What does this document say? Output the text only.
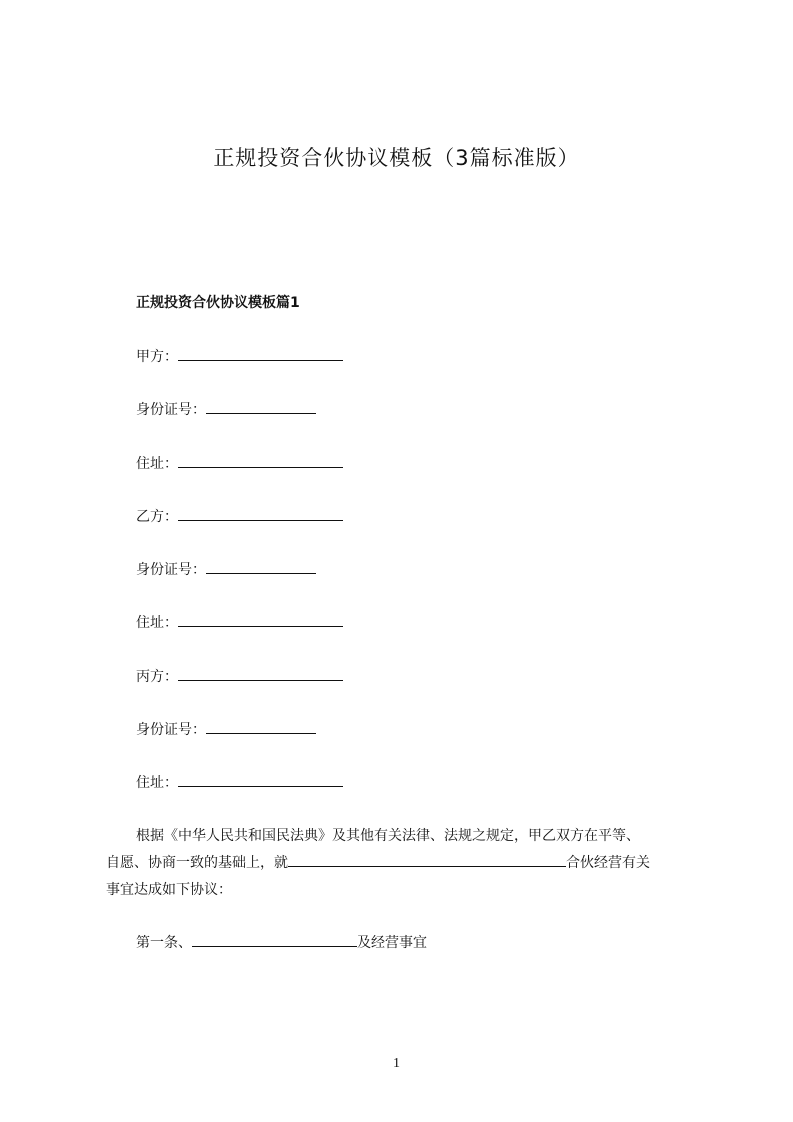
正规投资合伙协议模板（3篇标准版）
正规投资合伙协议模板篇1
甲方：
身份证号：
住址：
乙方：
身份证号：
住址：
丙方：
身份证号：
住址：
根据《中华人民共和国民法典》及其他有关法律、法规之规定，甲乙双方在平等、
自愿、协商一致的基础上，就	合伙经营有关
事宜达成如下协议：
第一条、	及经营事宜
1
